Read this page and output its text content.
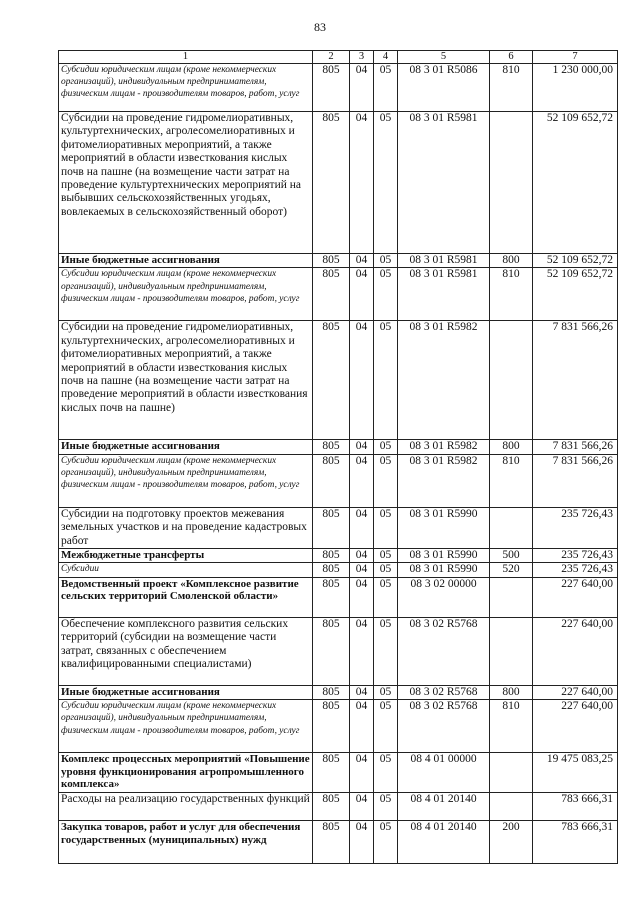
83
1	2	3	4	5	6	7
Субсидии юридическим лицам (кроме некоммерческих организаций), индивидуальным предпринимателям, физическим лицам - производителям товаров, работ, услуг	805	04	05	08 3 01 R5086	810	1 230 000,00
Субсидии на проведение гидромелиоративных, культуртехнических, агролесомелиоративных и фитомелиоративных мероприятий, а также мероприятий в области известкования кислых почв на пашне (на возмещение части затрат на проведение культуртехнических мероприятий на выбывших сельскохозяйственных угодьях, вовлекаемых в сельскохозяйственный оборот)	805	04	05	08 3 01 R5981		52 109 652,72
Иные бюджетные ассигнования	805	04	05	08 3 01 R5981	800	52 109 652,72
Субсидии юридическим лицам (кроме некоммерческих организаций), индивидуальным предпринимателям, физическим лицам - производителям товаров, работ, услуг	805	04	05	08 3 01 R5981	810	52 109 652,72
Субсидии на проведение гидромелиоративных, культуртехнических, агролесомелиоративных и фитомелиоративных мероприятий, а также мероприятий в области известкования кислых почв на пашне (на возмещение части затрат на проведение мероприятий в области известкования кислых почв на пашне)	805	04	05	08 3 01 R5982		7 831 566,26
Иные бюджетные ассигнования	805	04	05	08 3 01 R5982	800	7 831 566,26
Субсидии юридическим лицам (кроме некоммерческих организаций), индивидуальным предпринимателям, физическим лицам - производителям товаров, работ, услуг	805	04	05	08 3 01 R5982	810	7 831 566,26
Субсидии на подготовку проектов межевания земельных участков и на проведение кадастровых работ	805	04	05	08 3 01 R5990		235 726,43
Межбюджетные трансферты	805	04	05	08 3 01 R5990	500	235 726,43
Субсидии	805	04	05	08 3 01 R5990	520	235 726,43
Ведомственный проект «Комплексное развитие сельских территорий Смоленской области»	805	04	05	08 3 02 00000		227 640,00
Обеспечение комплексного развития сельских территорий (субсидии на возмещение части затрат, связанных с обеспечением квалифицированными специалистами)	805	04	05	08 3 02 R5768		227 640,00
Иные бюджетные ассигнования	805	04	05	08 3 02 R5768	800	227 640,00
Субсидии юридическим лицам (кроме некоммерческих организаций), индивидуальным предпринимателям, физическим лицам - производителям товаров, работ, услуг	805	04	05	08 3 02 R5768	810	227 640,00
Комплекс процессных мероприятий «Повышение уровня функционирования агропромышленного комплекса»	805	04	05	08 4 01 00000		19 475 083,25
Расходы на реализацию государственных функций	805	04	05	08 4 01 20140		783 666,31
Закупка товаров, работ и услуг для обеспечения государственных (муниципальных) нужд	805	04	05	08 4 01 20140	200	783 666,31
